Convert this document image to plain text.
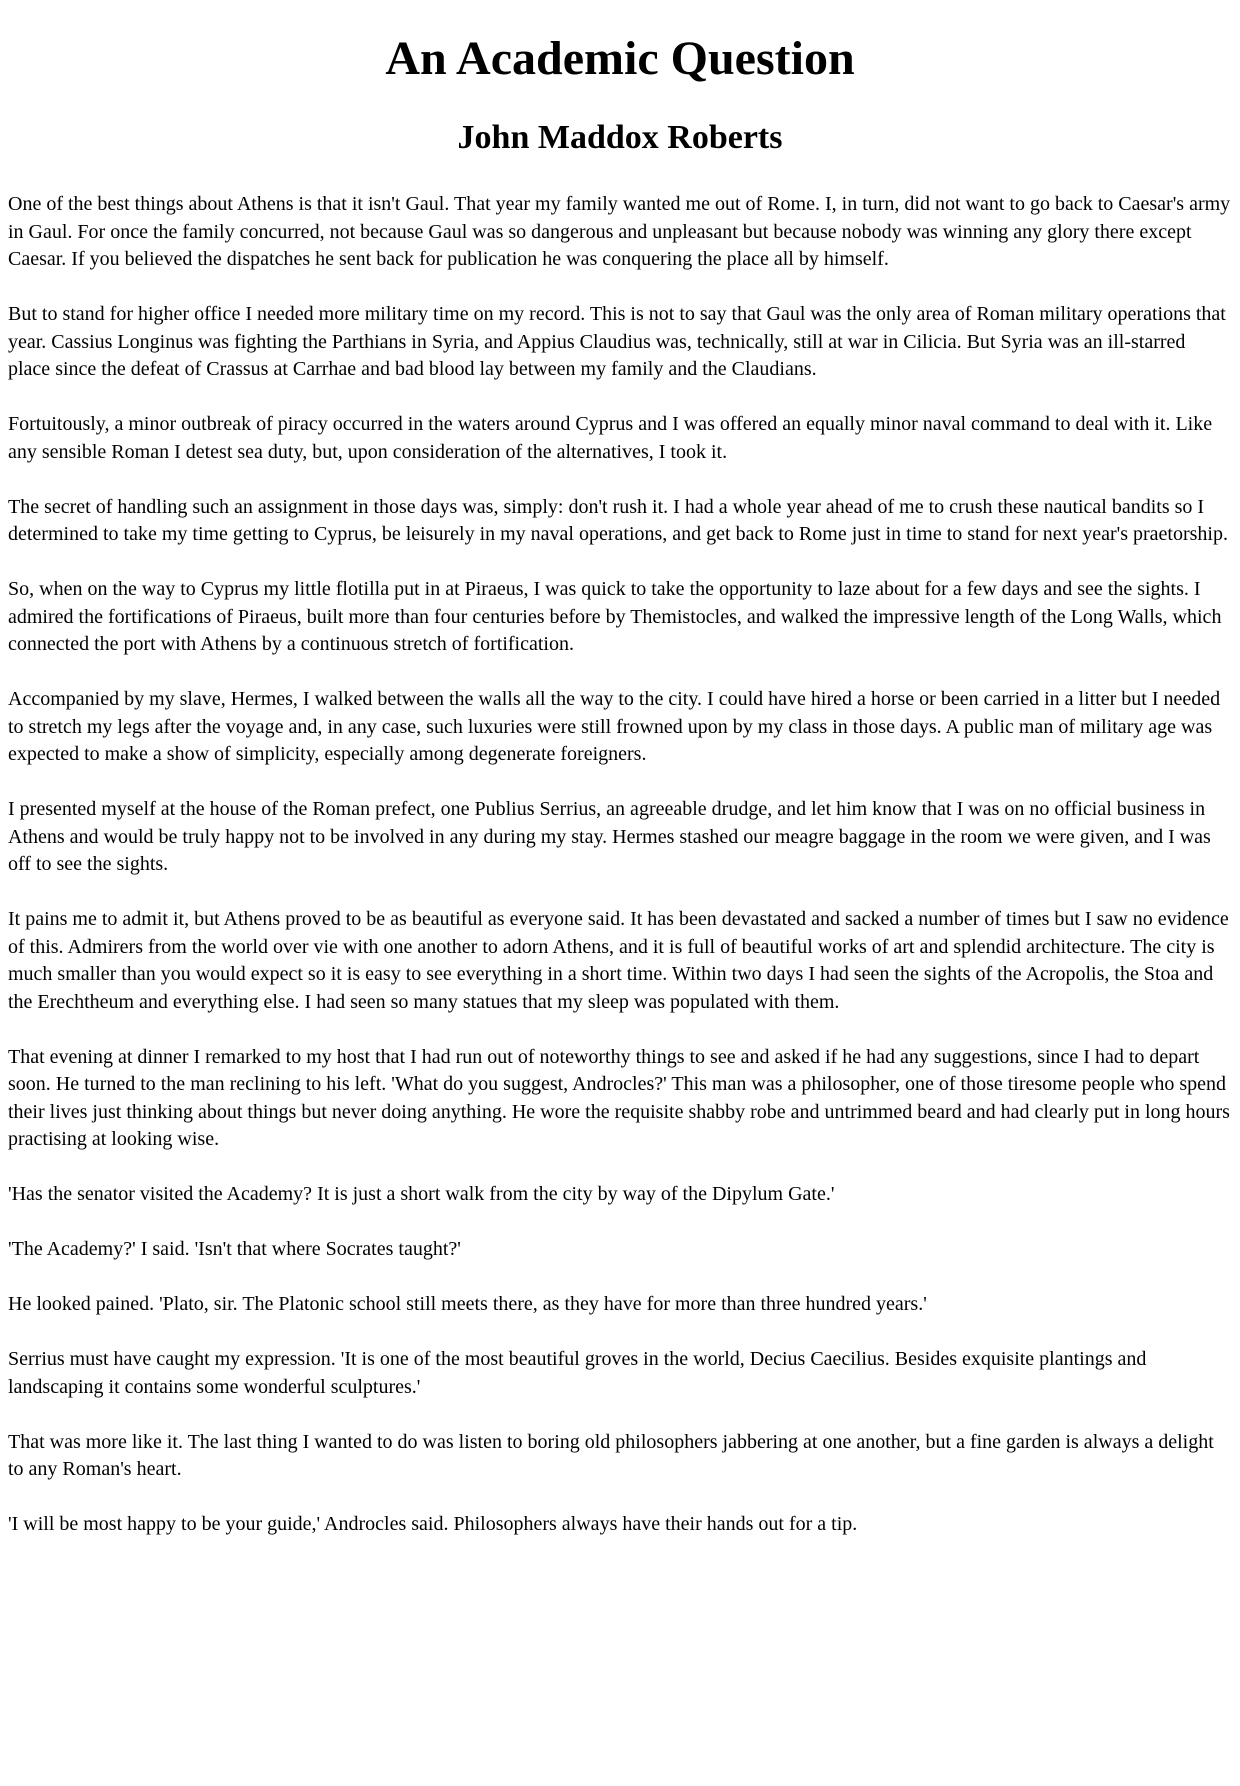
An Academic Question
John Maddox Roberts

One of the best things about Athens is that it isn't Gaul. That year my family wanted me out of Rome. I, in turn, did not want to go back to Caesar's army in Gaul. For once the family concurred, not because Gaul was so dangerous and unpleasant but because nobody was winning any glory there except Caesar. If you believed the dispatches he sent back for publication he was conquering the place all by himself.

But to stand for higher office I needed more military time on my record. This is not to say that Gaul was the only area of Roman military operations that year. Cassius Longinus was fighting the Parthians in Syria, and Appius Claudius was, technically, still at war in Cilicia. But Syria was an ill-starred place since the defeat of Crassus at Carrhae and bad blood lay between my family and the Claudians.

Fortuitously, a minor outbreak of piracy occurred in the waters around Cyprus and I was offered an equally minor naval command to deal with it. Like any sensible Roman I detest sea duty, but, upon consideration of the alternatives, I took it.

The secret of handling such an assignment in those days was, simply: don't rush it. I had a whole year ahead of me to crush these nautical bandits so I determined to take my time getting to Cyprus, be leisurely in my naval operations, and get back to Rome just in time to stand for next year's praetorship.

So, when on the way to Cyprus my little flotilla put in at Piraeus, I was quick to take the opportunity to laze about for a few days and see the sights. I admired the fortifications of Piraeus, built more than four centuries before by Themistocles, and walked the impressive length of the Long Walls, which connected the port with Athens by a continuous stretch of fortification.

Accompanied by my slave, Hermes, I walked between the walls all the way to the city. I could have hired a horse or been carried in a litter but I needed to stretch my legs after the voyage and, in any case, such luxuries were still frowned upon by my class in those days. A public man of military age was expected to make a show of simplicity, especially among degenerate foreigners.

I presented myself at the house of the Roman prefect, one Publius Serrius, an agreeable drudge, and let him know that I was on no official business in Athens and would be truly happy not to be involved in any during my stay. Hermes stashed our meagre baggage in the room we were given, and I was off to see the sights.

It pains me to admit it, but Athens proved to be as beautiful as everyone said. It has been devastated and sacked a number of times but I saw no evidence of this. Admirers from the world over vie with one another to adorn Athens, and it is full of beautiful works of art and splendid architecture. The city is much smaller than you would expect so it is easy to see everything in a short time. Within two days I had seen the sights of the Acropolis, the Stoa and the Erechtheum and everything else. I had seen so many statues that my sleep was populated with them.

That evening at dinner I remarked to my host that I had run out of noteworthy things to see and asked if he had any suggestions, since I had to depart soon. He turned to the man reclining to his left. 'What do you suggest, Androcles?' This man was a philosopher, one of those tiresome people who spend their lives just thinking about things but never doing anything. He wore the requisite shabby robe and untrimmed beard and had clearly put in long hours practising at looking wise.

'Has the senator visited the Academy? It is just a short walk from the city by way of the Dipylum Gate.'

'The Academy?' I said. 'Isn't that where Socrates taught?'

He looked pained. 'Plato, sir. The Platonic school still meets there, as they have for more than three hundred years.'

Serrius must have caught my expression. 'It is one of the most beautiful groves in the world, Decius Caecilius. Besides exquisite plantings and landscaping it contains some wonderful sculptures.'

That was more like it. The last thing I wanted to do was listen to boring old philosophers jabbering at one another, but a fine garden is always a delight to any Roman's heart.

'I will be most happy to be your guide,' Androcles said. Philosophers always have their hands out for a tip.
